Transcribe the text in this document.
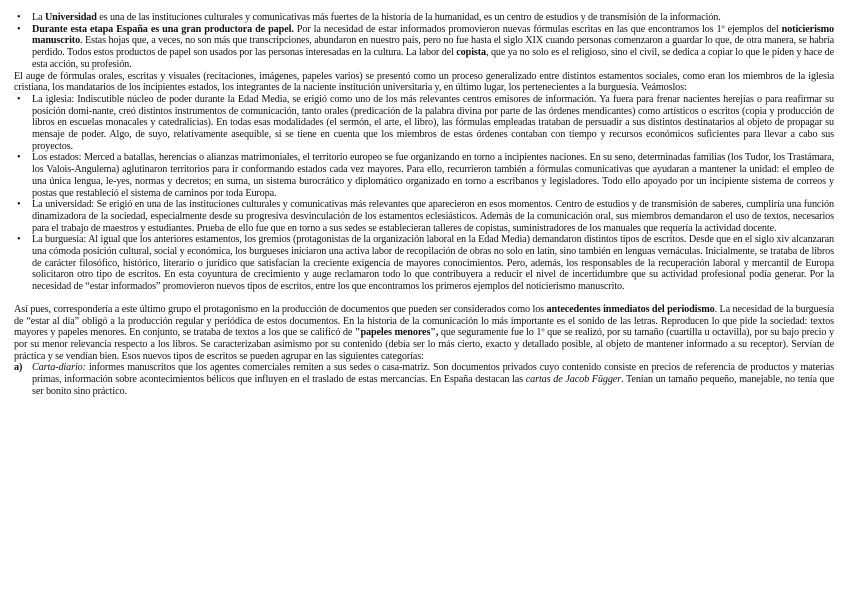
• La Universidad es una de las instituciones culturales y comunicativas más fuertes de la historia de la humanidad, es un centro de estudios y de transmisión de la información.
• Durante esta etapa España es una gran productora de papel. Por la necesidad de estar informados promovieron nuevas fórmulas escritas en las que encontramos los 1º ejemplos del noticierismo manuscrito. Estas hojas que, a veces, no son más que transcripciones, abundaron en nuestro país, pero no fue hasta el siglo XIX cuando personas comenzaron a guardar lo que, de otra manera, se habría perdido. Todos estos productos de papel son usados por las personas interesadas en la cultura. La labor del copista, que ya no solo es el religioso, sino el civil, se dedica a copiar lo que le piden y hace de esta acción, su profesión.

El auge de fórmulas orales, escritas y visuales (recitaciones, imágenes, papeles varios) se presentó como un proceso generalizado entre distintos estamentos sociales, como eran los miembros de la iglesia cristiana, los mandatarios de los incipientes estados, los integrantes de la naciente institución universitaria y, en último lugar, los pertenecientes a la burguesía. Veámoslos:

• La iglesia: Indiscutible núcleo de poder durante la Edad Media, se erigió como uno de los más relevantes centros emisores de información. Ya fuera para frenar nacientes herejías o para reafirmar su posición domi-nante, creó distintos instrumentos de comunicación, tanto orales (predicación de la palabra divina por parte de las órdenes mendicantes) como artísticos o escritos (copia y producción de libros en escuelas monacales y catedralicias). En todas esas modalidades (el sermón, el arte, el libro), las fórmulas empleadas trataban de persuadir a sus distintos destinatarios al objeto de propagar su mensaje de poder. Algo, de suyo, relativamente asequible, si se tiene en cuenta que los miembros de estas órdenes contaban con tiempo y recursos económicos suficientes para llevar a cabo sus proyectos.
• Los estados: Merced a batallas, herencias o alianzas matrimoniales, el territorio europeo se fue organizando en torno a incipientes naciones. En su seno, determinadas familias (los Tudor, los Trastámara, los Valois-Angulema) aglutinaron territorios para ir conformando estados cada vez mayores. Para ello, recurrieron también a fórmulas comunicativas que ayudaran a mantener la unidad: el empleo de una única lengua, le-yes, normas y decretos; en suma, un sistema burocrático y diplomático organizado en torno a escribanos y legisladores. Todo ello apoyado por un incipiente sistema de correos y postas que restableció el sistema de caminos por toda Europa.
• La universidad: Se erigió en una de las instituciones culturales y comunicativas más relevantes que aparecieron en esos momentos. Centro de estudios y de transmisión de saberes, cumpliría una función dinamizadora de la sociedad, especialmente desde su progresiva desvinculación de los estamentos eclesiásticos. Además de la comunicación oral, sus miembros demandaron el uso de textos, necesarios para el trabajo de maestros y estudiantes. Prueba de ello fue que en torno a sus sedes se establecieran talleres de copistas, suministradores de los manuales que requería la actividad docente.
• La burguesía: Al igual que los anteriores estamentos, los gremios (protagonistas de la organización laboral en la Edad Media) demandaron distintos tipos de escritos. Desde que en el siglo xiv alcanzaran una cómoda posición cultural, social y económica, los burgueses iniciaron una activa labor de recopilación de obras no solo en latín, sino también en lenguas vernáculas. Inicialmente, se trataba de libros de carácter filosófico, histórico, literario o jurídico que satisfacían la creciente exigencia de mayores conocimientos. Pero, además, los responsables de la recuperación laboral y mercantil de Europa solicitaron otro tipo de escritos. En esta coyuntura de crecimiento y auge reclamaron todo lo que contribuyera a reducir el nivel de incertidumbre que su actividad profesional podía generar. Por la necesidad de “estar informados” promovieron nuevos tipos de escritos, entre los que encontramos los primeros ejemplos del noticierismo manuscrito.

Así pues, correspondería a este último grupo el protagonismo en la producción de documentos que pueden ser considerados como los antecedentes inmediatos del periodismo. La necesidad de la burguesía de “estar al día” obligó a la producción regular y periódica de estos documentos. En la historia de la comunicación lo más importante es el sonido de las letras. Reproducen lo que pide la sociedad: textos mayores y papeles menores. En conjunto, se trataba de textos a los que se calificó de "papeles menores", que seguramente fue lo 1º que se realizó, por su tamaño (cuartilla u octavilla), por su bajo precio y por su menor relevancia respecto a los libros. Se caracterizaban asimismo por su contenido (debía ser lo más cierto, exacto y detallado posible, al objeto de mantener informado a su receptor). Servían de práctica y se vendían bien. Esos nuevos tipos de escritos se pueden agrupar en las siguientes categorías:

a) Carta-diario: informes manuscritos que los agentes comerciales remiten a sus sedes o casa-matriz. Son documentos privados cuyo contenido consiste en precios de referencia de productos y materias primas, información sobre acontecimientos bélicos que influyen en el traslado de estas mercancías. En España destacan las cartas de Jacob Függer. Tenían un tamaño pequeño, manejable, no tenía que ser bonito sino práctico.
